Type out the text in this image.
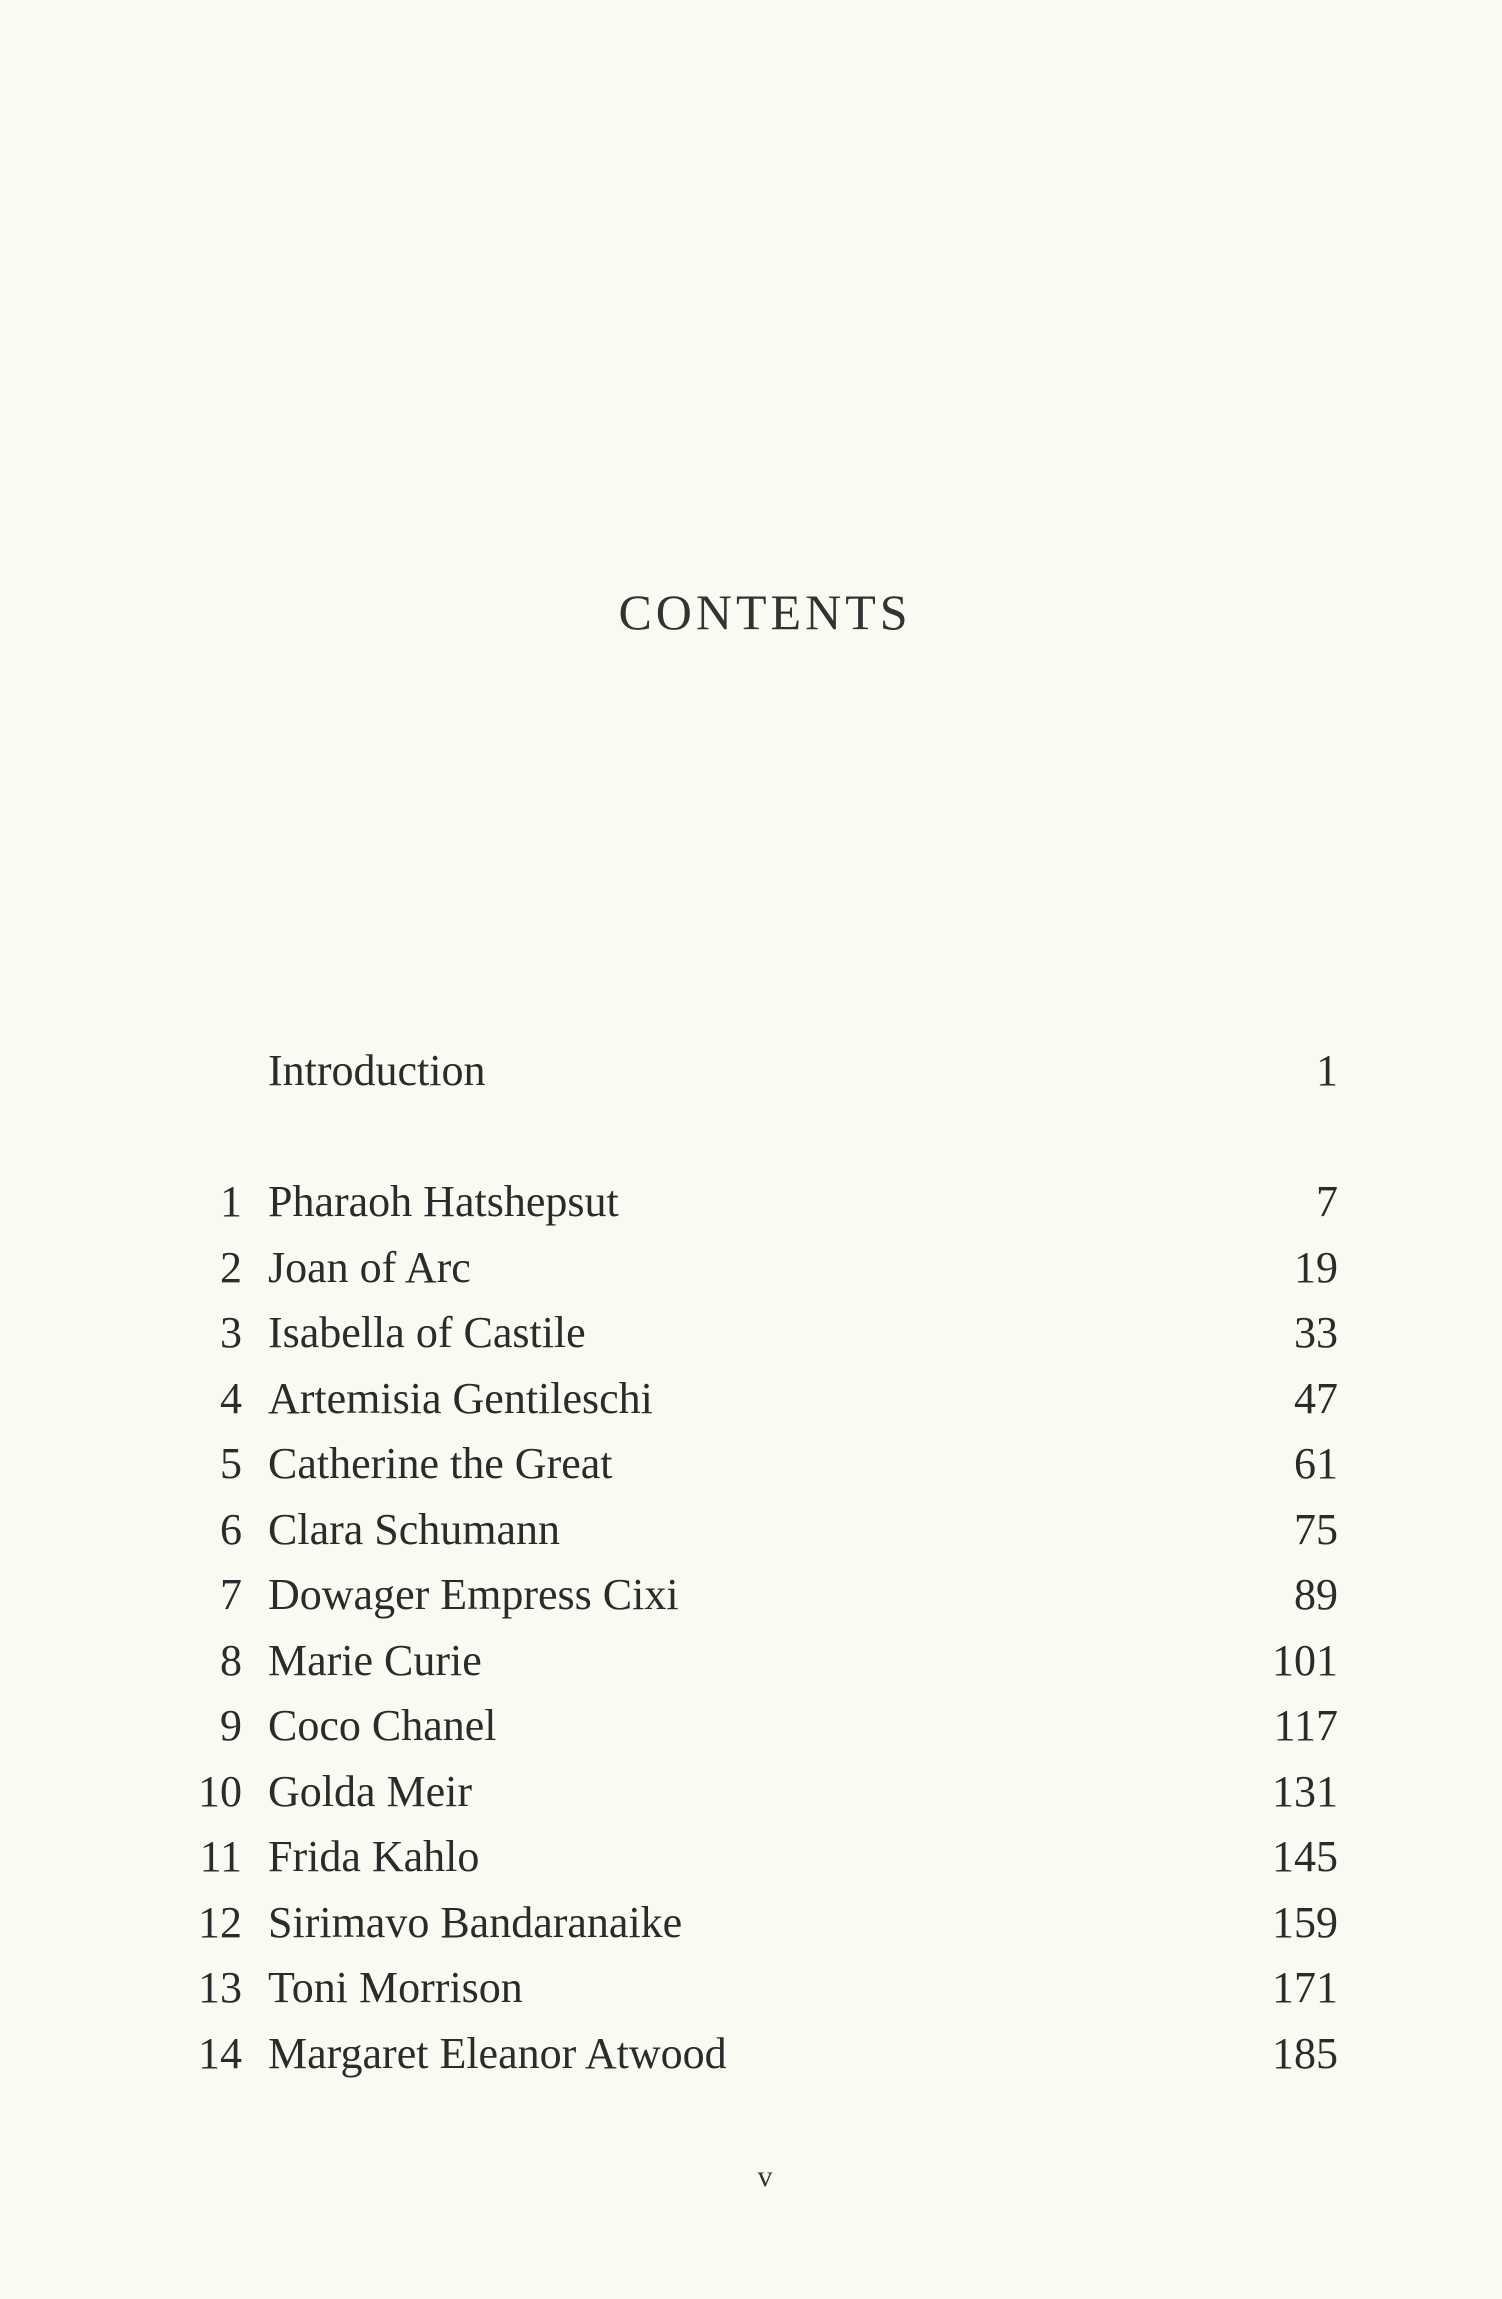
CONTENTS
Introduction	1
1 Pharaoh Hatshepsut	7
2 Joan of Arc	19
3 Isabella of Castile	33
4 Artemisia Gentileschi	47
5 Catherine the Great	61
6 Clara Schumann	75
7 Dowager Empress Cixi	89
8 Marie Curie	101
9 Coco Chanel	117
10 Golda Meir	131
11 Frida Kahlo	145
12 Sirimavo Bandaranaike	159
13 Toni Morrison	171
14 Margaret Eleanor Atwood	185
v
